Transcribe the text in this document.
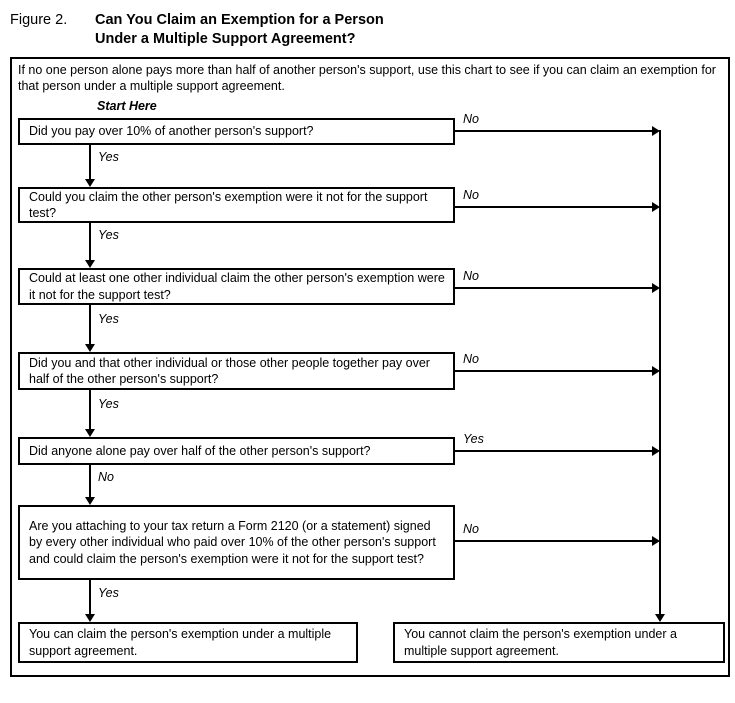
Figure 2. Can You Claim an Exemption for a Person
Under a Multiple Support Agreement?
If no one person alone pays more than half of another person's support, use this chart to see if you can claim an exemption for that person under a multiple support agreement.
Start Here
Did you pay over 10% of another person's support?
Could you claim the other person's exemption were it not for the support test?
Could at least one other individual claim the other person's exemption were it not for the support test?
Did you and that other individual or those other people together pay over half of the other person's support?
Did anyone alone pay over half of the other person's support?
Are you attaching to your tax return a Form 2120 (or a statement) signed by every other individual who paid over 10% of the other person's support and could claim the person's exemption were it not for the support test?
Yes
Yes
Yes
Yes
No
Yes
No
No
No
No
Yes
No
You can claim the person's exemption under a multiple support agreement.
You cannot claim the person's exemption under a multiple support agreement.
